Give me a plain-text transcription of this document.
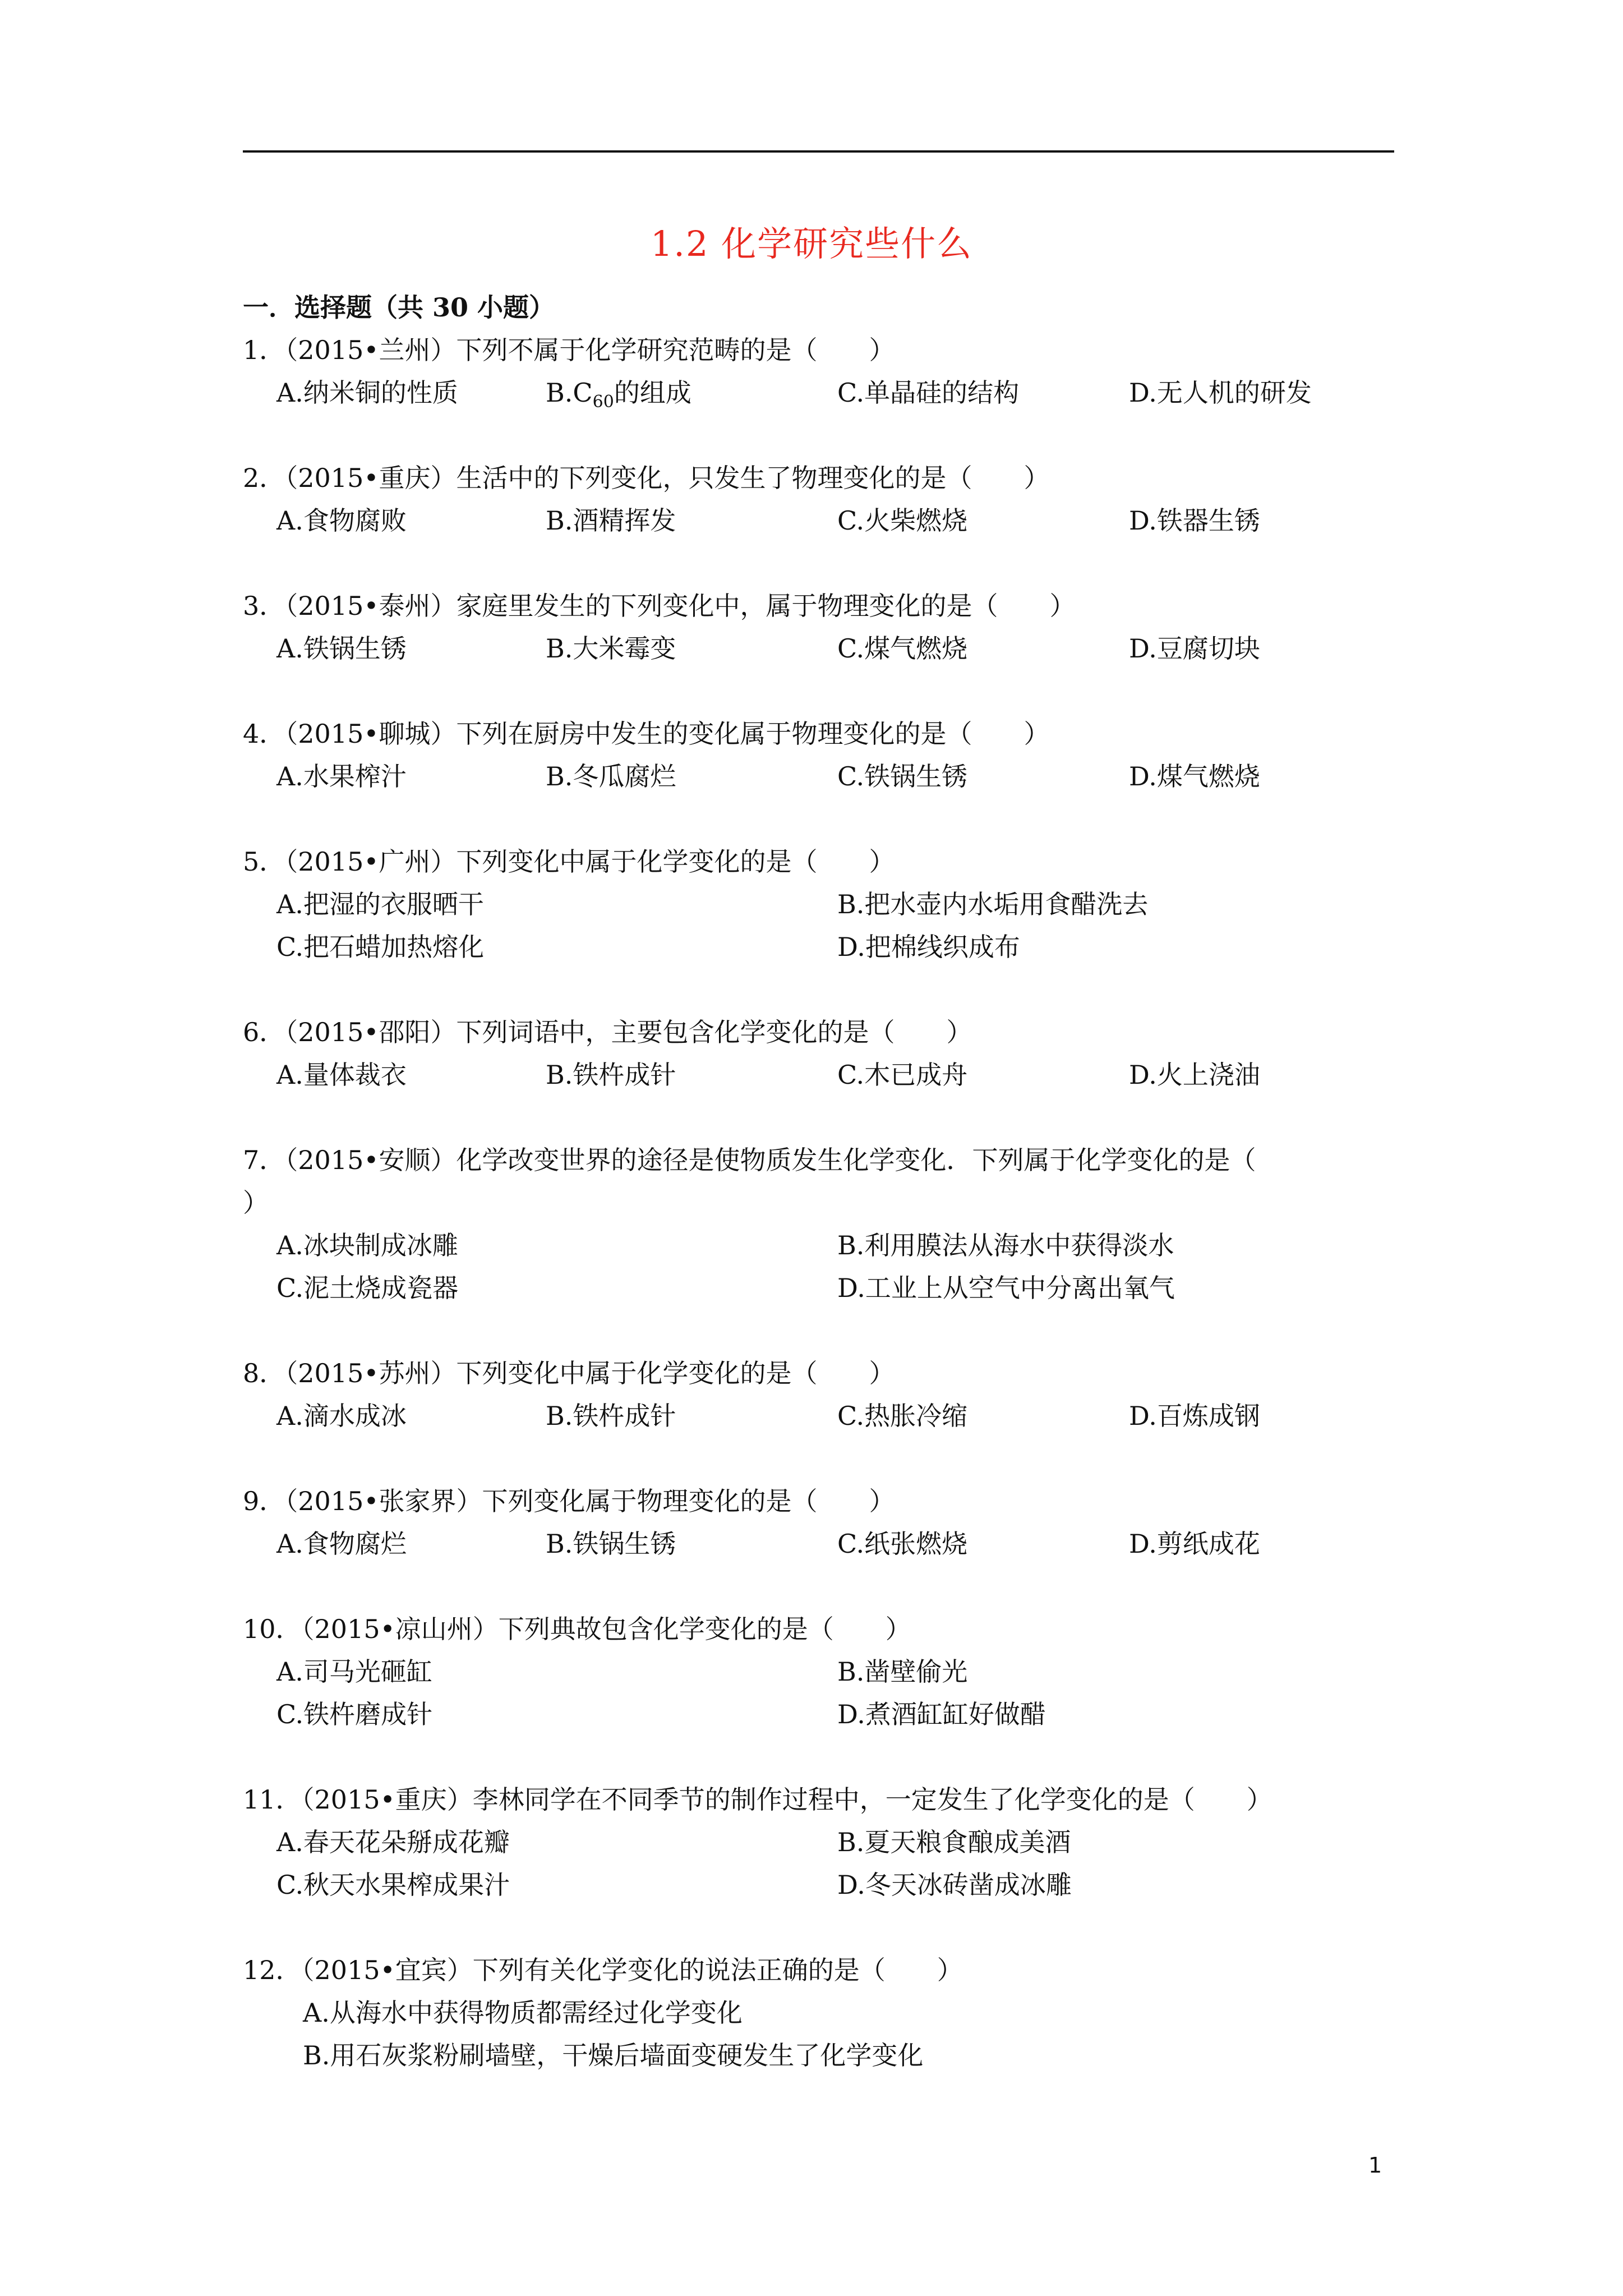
1.2 化学研究些什么
一．选择题（共 30 小题）
1．（2015•兰州）下列不属于化学研究范畴的是（　　）
A.纳米铜的性质	$B.C_{60}$的组成	C.单晶硅的结构	D.无人机的研发
2．（2015•重庆）生活中的下列变化，只发生了物理变化的是（　　）
A.食物腐败	B.酒精挥发	C.火柴燃烧	D.铁器生锈
3．（2015•泰州）家庭里发生的下列变化中，属于物理变化的是（　　）
A.铁锅生锈	B.大米霉变	C.煤气燃烧	D.豆腐切块
4．（2015•聊城）下列在厨房中发生的变化属于物理变化的是（　　）
A.水果榨汁	B.冬瓜腐烂	C.铁锅生锈	D.煤气燃烧
5．（2015•广州）下列变化中属于化学变化的是（　　）
A.把湿的衣服晒干	B.把水壶内水垢用食醋洗去
C.把石蜡加热熔化	D.把棉线织成布
6．（2015•邵阳）下列词语中，主要包含化学变化的是（　　）
A.量体裁衣	B.铁杵成针	C.木已成舟	D.火上浇油
7．（2015•安顺）化学改变世界的途径是使物质发生化学变化．下列属于化学变化的是（
）
A.冰块制成冰雕	B.利用膜法从海水中获得淡水
C.泥土烧成瓷器	D.工业上从空气中分离出氧气
8．（2015•苏州）下列变化中属于化学变化的是（　　）
A.滴水成冰	B.铁杵成针	C.热胀冷缩	D.百炼成钢
9．（2015•张家界）下列变化属于物理变化的是（　　）
A.食物腐烂	B.铁锅生锈	C.纸张燃烧	D.剪纸成花
10．（2015•凉山州）下列典故包含化学变化的是（　　）
A.司马光砸缸	B.凿壁偷光
C.铁杵磨成针	D.煮酒缸缸好做醋
11．（2015•重庆）李林同学在不同季节的制作过程中，一定发生了化学变化的是（　　）
A.春天花朵掰成花瓣	B.夏天粮食酿成美酒
C.秋天水果榨成果汁	D.冬天冰砖凿成冰雕
12．（2015•宜宾）下列有关化学变化的说法正确的是（　　）
A.从海水中获得物质都需经过化学变化
B.用石灰浆粉刷墙壁，干燥后墙面变硬发生了化学变化
1
